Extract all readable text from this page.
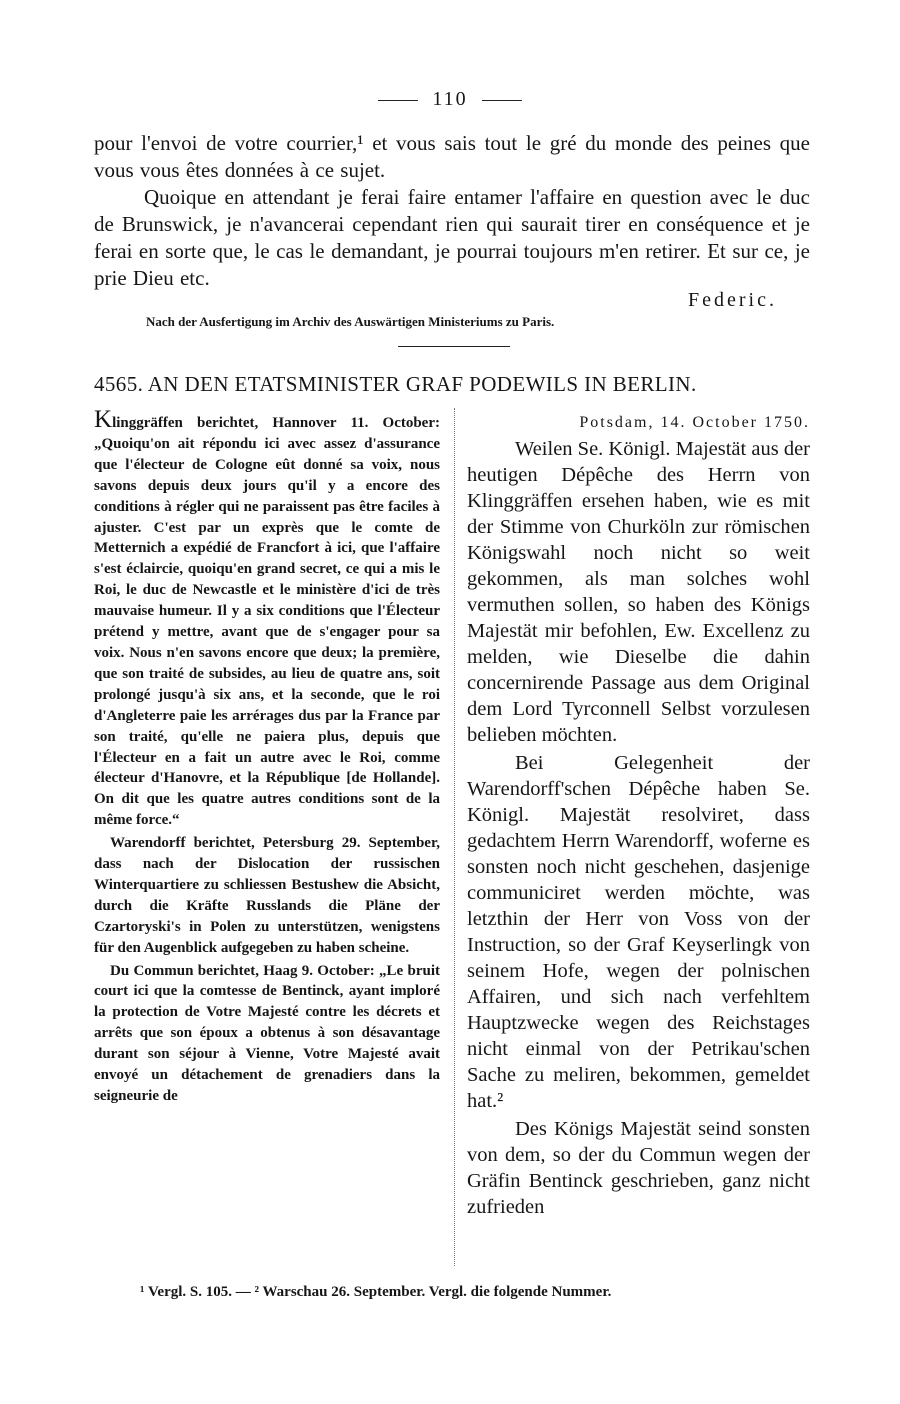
110

pour l'envoi de votre courrier,¹ et vous sais tout le gré du monde des peines que vous vous êtes données à ce sujet.

Quoique en attendant je ferai faire entamer l'affaire en question avec le duc de Brunswick, je n'avancerai cependant rien qui saurait tirer en conséquence et je ferai en sorte que, le cas le demandant, je pourrai toujours m'en retirer. Et sur ce, je prie Dieu etc.

Federic.
Nach der Ausfertigung im Archiv des Auswärtigen Ministeriums zu Paris.
4565. AN DEN ETATSMINISTER GRAF PODEWILS IN BERLIN.

Klinggräffen berichtet, Hannover 11. October: „Quoiqu'on ait répondu ici avec assez d'assurance que l'électeur de Cologne eût donné sa voix, nous savons depuis deux jours qu'il y a encore des conditions à régler qui ne paraissent pas être faciles à ajuster. C'est par un exprès que le comte de Metternich a expédié de Francfort à ici, que l'affaire s'est éclaircie, quoiqu'en grand secret, ce qui a mis le Roi, le duc de Newcastle et le ministère d'ici de très mauvaise humeur. Il y a six conditions que l'Électeur prétend y mettre, avant que de s'engager pour sa voix. Nous n'en savons encore que deux; la première, que son traité de subsides, au lieu de quatre ans, soit prolongé jusqu'à six ans, et la seconde, que le roi d'Angleterre paie les arrérages dus par la France par son traité, qu'elle ne paiera plus, depuis que l'Électeur en a fait un autre avec le Roi, comme électeur d'Hanovre, et la République [de Hollande]. On dit que les quatre autres conditions sont de la même force.“

Warendorff berichtet, Petersburg 29. September, dass nach der Dislocation der russischen Winterquartiere zu schliessen Bestushew die Absicht, durch die Kräfte Russlands die Pläne der Czartoryski's in Polen zu unterstützen, wenigstens für den Augenblick aufgegeben zu haben scheine.

Du Commun berichtet, Haag 9. October: „Le bruit court ici que la comtesse de Bentinck, ayant imploré la protection de Votre Majesté contre les décrets et arrêts que son époux a obtenus à son désavantage durant son séjour à Vienne, Votre Majesté avait envoyé un détachement de grenadiers dans la seigneurie de

Potsdam, 14. October 1750.

Weilen Se. Königl. Majestät aus der heutigen Dépêche des Herrn von Klinggräffen ersehen haben, wie es mit der Stimme von Churköln zur römischen Königswahl noch nicht so weit gekommen, als man solches wohl vermuthen sollen, so haben des Königs Majestät mir befohlen, Ew. Excellenz zu melden, wie Dieselbe die dahin concernirende Passage aus dem Original dem Lord Tyrconnell Selbst vorzulesen belieben möchten.

Bei Gelegenheit der Warendorff'schen Dépêche haben Se. Königl. Majestät resolviret, dass gedachtem Herrn Warendorff, woferne es sonsten noch nicht geschehen, dasjenige communiciret werden möchte, was letzthin der Herr von Voss von der Instruction, so der Graf Keyserlingk von seinem Hofe, wegen der polnischen Affairen, und sich nach verfehltem Hauptzwecke wegen des Reichstages nicht einmal von der Petrikau'schen Sache zu meliren, bekommen, gemeldet hat.²

Des Königs Majestät seind sonsten von dem, so der du Commun wegen der Gräfin Bentinck geschrieben, ganz nicht zufrieden

¹ Vergl. S. 105. — ² Warschau 26. September. Vergl. die folgende Nummer.
